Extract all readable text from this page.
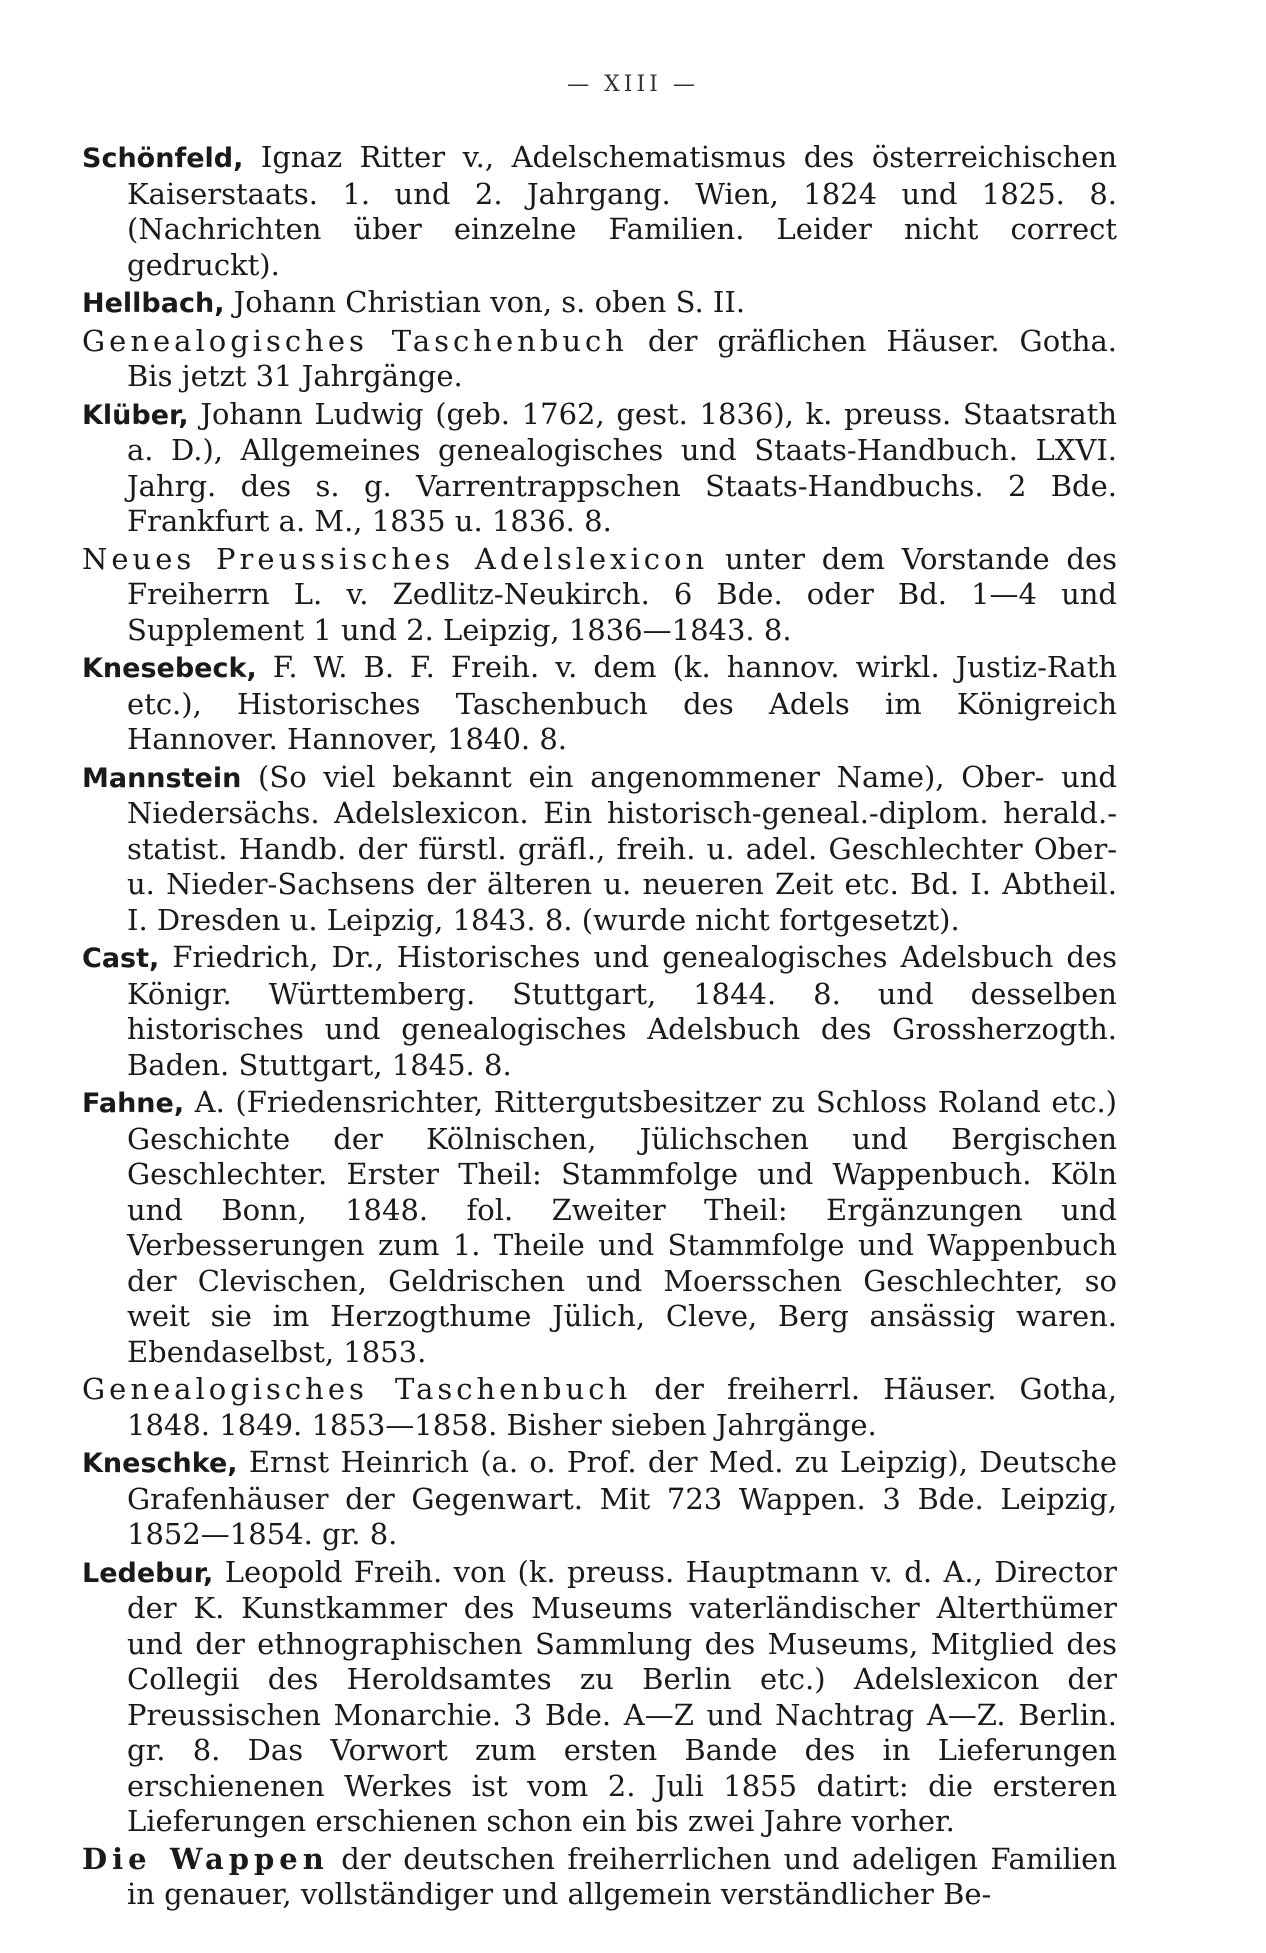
— XIII —

Schönfeld, Ignaz Ritter v., Adelschematismus des österreichischen Kaiserstaats. 1. und 2. Jahrgang. Wien, 1824 und 1825. 8. (Nachrichten über einzelne Familien. Leider nicht correct gedruckt).

Hellbach, Johann Christian von, s. oben S. II.

Genealogisches Taschenbuch der gräflichen Häuser. Gotha. Bis jetzt 31 Jahrgänge.

Klüber, Johann Ludwig (geb. 1762, gest. 1836), k. preuss. Staatsrath a. D.), Allgemeines genealogisches und Staats-Handbuch. LXVI. Jahrg. des s. g. Varrentrappschen Staats-Handbuchs. 2 Bde. Frankfurt a. M., 1835 u. 1836. 8.

Neues Preussisches Adelslexicon unter dem Vorstande des Freiherrn L. v. Zedlitz-Neukirch. 6 Bde. oder Bd. 1—4 und Supplement 1 und 2. Leipzig, 1836—1843. 8.

Knesebeck, F. W. B. F. Freih. v. dem (k. hannov. wirkl. Justiz-Rath etc.), Historisches Taschenbuch des Adels im Königreich Hannover. Hannover, 1840. 8.

Mannstein (So viel bekannt ein angenommener Name), Ober- und Niedersächs. Adelslexicon. Ein historisch-geneal.-diplom. herald.-statist. Handb. der fürstl. gräfl., freih. u. adel. Geschlechter Ober- u. Nieder-Sachsens der älteren u. neueren Zeit etc. Bd. I. Abtheil. I. Dresden u. Leipzig, 1843. 8. (wurde nicht fortgesetzt).

Cast, Friedrich, Dr., Historisches und genealogisches Adelsbuch des Königr. Württemberg. Stuttgart, 1844. 8. und desselben historisches und genealogisches Adelsbuch des Grossherzogth. Baden. Stuttgart, 1845. 8.

Fahne, A. (Friedensrichter, Rittergutsbesitzer zu Schloss Roland etc.) Geschichte der Kölnischen, Jülichschen und Bergischen Geschlechter. Erster Theil: Stammfolge und Wappenbuch. Köln und Bonn, 1848. fol. Zweiter Theil: Ergänzungen und Verbesserungen zum 1. Theile und Stammfolge und Wappenbuch der Clevischen, Geldrischen und Moersschen Geschlechter, so weit sie im Herzogthume Jülich, Cleve, Berg ansässig waren. Ebendaselbst, 1853.

Genealogisches Taschenbuch der freiherrl. Häuser. Gotha, 1848. 1849. 1853—1858. Bisher sieben Jahrgänge.

Kneschke, Ernst Heinrich (a. o. Prof. der Med. zu Leipzig), Deutsche Grafenhäuser der Gegenwart. Mit 723 Wappen. 3 Bde. Leipzig, 1852—1854. gr. 8.

Ledebur, Leopold Freih. von (k. preuss. Hauptmann v. d. A., Director der K. Kunstkammer des Museums vaterländischer Alterthümer und der ethnographischen Sammlung des Museums, Mitglied des Collegii des Heroldsamtes zu Berlin etc.) Adelslexicon der Preussischen Monarchie. 3 Bde. A—Z und Nachtrag A—Z. Berlin. gr. 8. Das Vorwort zum ersten Bande des in Lieferungen erschienenen Werkes ist vom 2. Juli 1855 datirt: die ersteren Lieferungen erschienen schon ein bis zwei Jahre vorher.

Die Wappen der deutschen freiherrlichen und adeligen Familien in genauer, vollständiger und allgemein verständlicher Be-
